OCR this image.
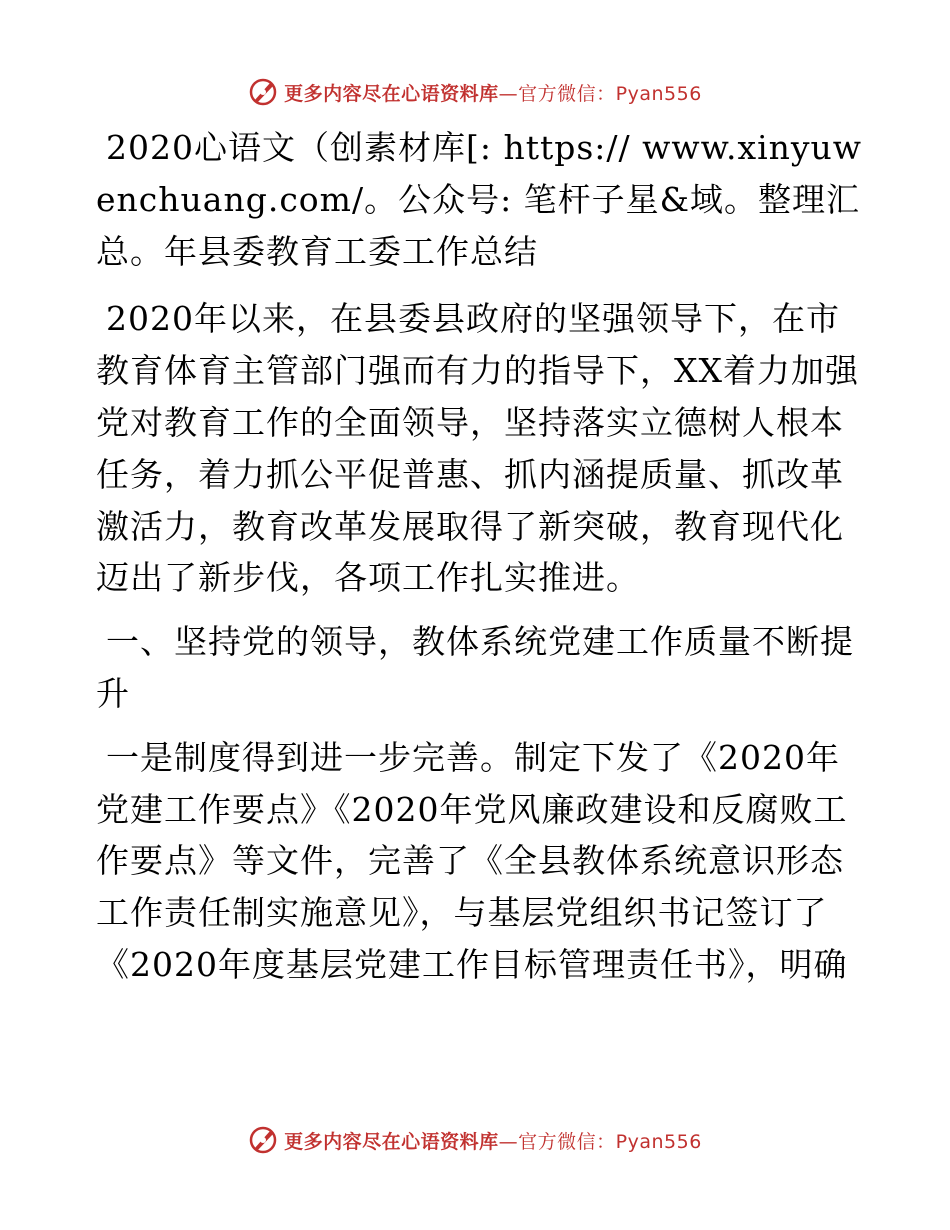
更多内容尽在心语资料库—官方微信：Pyan556

2020心语文（创素材库[: https:// www.xinyuwenchuang.com/。公众号: 笔杆子星&域。整理汇总。年县委教育工委工作总结

2020年以来，在县委县政府的坚强领导下，在市教育体育主管部门强而有力的指导下，XX着力加强党对教育工作的全面领导，坚持落实立德树人根本任务，着力抓公平促普惠、抓内涵提质量、抓改革激活力，教育改革发展取得了新突破，教育现代化迈出了新步伐，各项工作扎实推进。

一、坚持党的领导，教体系统党建工作质量不断提升

一是制度得到进一步完善。制定下发了《2020年党建工作要点》《2020年党风廉政建设和反腐败工作要点》等文件，完善了《全县教体系统意识形态工作责任制实施意见》，与基层党组织书记签订了《2020年度基层党建工作目标管理责任书》，明确

更多内容尽在心语资料库—官方微信：Pyan556
